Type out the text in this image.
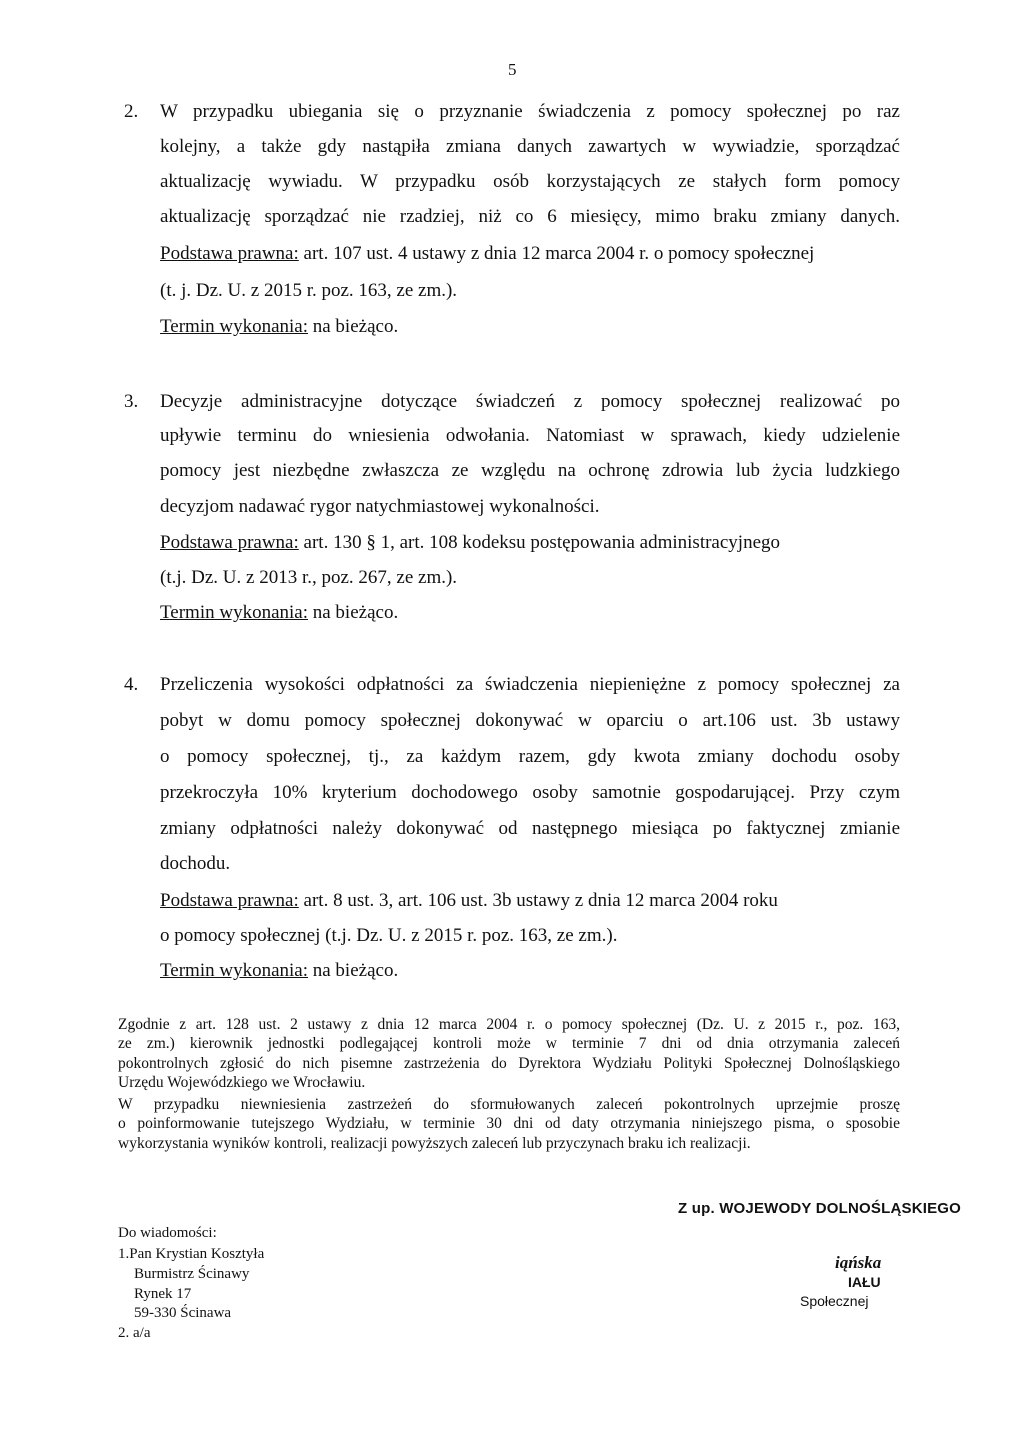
5
2. W przypadku ubiegania się o przyznanie świadczenia z pomocy społecznej po raz
kolejny, a także gdy nastąpiła zmiana danych zawartych w wywiadzie, sporządzać
aktualizację wywiadu. W przypadku osób korzystających ze stałych form pomocy
aktualizację sporządzać nie rzadziej, niż co 6 miesięcy, mimo braku zmiany danych.
Podstawa prawna: art. 107 ust. 4 ustawy z dnia 12 marca 2004 r. o pomocy społecznej
(t. j. Dz. U. z 2015 r. poz. 163, ze zm.).
Termin wykonania: na bieżąco.
3. Decyzje administracyjne dotyczące świadczeń z pomocy społecznej realizować po
upływie terminu do wniesienia odwołania. Natomiast w sprawach, kiedy udzielenie
pomocy jest niezbędne zwłaszcza ze względu na ochronę zdrowia lub życia ludzkiego
decyzjom nadawać rygor natychmiastowej wykonalności.
Podstawa prawna: art. 130 § 1, art. 108 kodeksu postępowania administracyjnego
(t.j. Dz. U. z 2013 r., poz. 267, ze zm.).
Termin wykonania: na bieżąco.
4. Przeliczenia wysokości odpłatności za świadczenia niepieniężne z pomocy społecznej za
pobyt w domu pomocy społecznej dokonywać w oparciu o art.106 ust. 3b ustawy
o pomocy społecznej, tj., za każdym razem, gdy kwota zmiany dochodu osoby
przekroczyła 10% kryterium dochodowego osoby samotnie gospodarującej. Przy czym
zmiany odpłatności należy dokonywać od następnego miesiąca po faktycznej zmianie
dochodu.
Podstawa prawna: art. 8 ust. 3, art. 106 ust. 3b ustawy z dnia 12 marca 2004 roku
o pomocy społecznej (t.j. Dz. U. z 2015 r. poz. 163, ze zm.).
Termin wykonania: na bieżąco.
Zgodnie z art. 128 ust. 2 ustawy z dnia 12 marca 2004 r. o pomocy społecznej (Dz. U. z 2015 r., poz. 163,
ze zm.) kierownik jednostki podlegającej kontroli może w terminie 7 dni od dnia otrzymania zaleceń
pokontrolnych zgłosić do nich pisemne zastrzeżenia do Dyrektora Wydziału Polityki Społecznej Dolnośląskiego
Urzędu Wojewódzkiego we Wrocławiu.
W przypadku niewniesienia zastrzeżeń do sformułowanych zaleceń pokontrolnych uprzejmie proszę
o poinformowanie tutejszego Wydziału, w terminie 30 dni od daty otrzymania niniejszego pisma, o sposobie
wykorzystania wyników kontroli, realizacji powyższych zaleceń lub przyczynach braku ich realizacji.
Z up. WOJEWODY DOLNOŚLĄSKIEGO
iąńska
IAŁU
Społecznej
Do wiadomości:
1.Pan Krystian Kosztyła
Burmistrz Ścinawy
Rynek 17
59-330 Ścinawa
2. a/a
